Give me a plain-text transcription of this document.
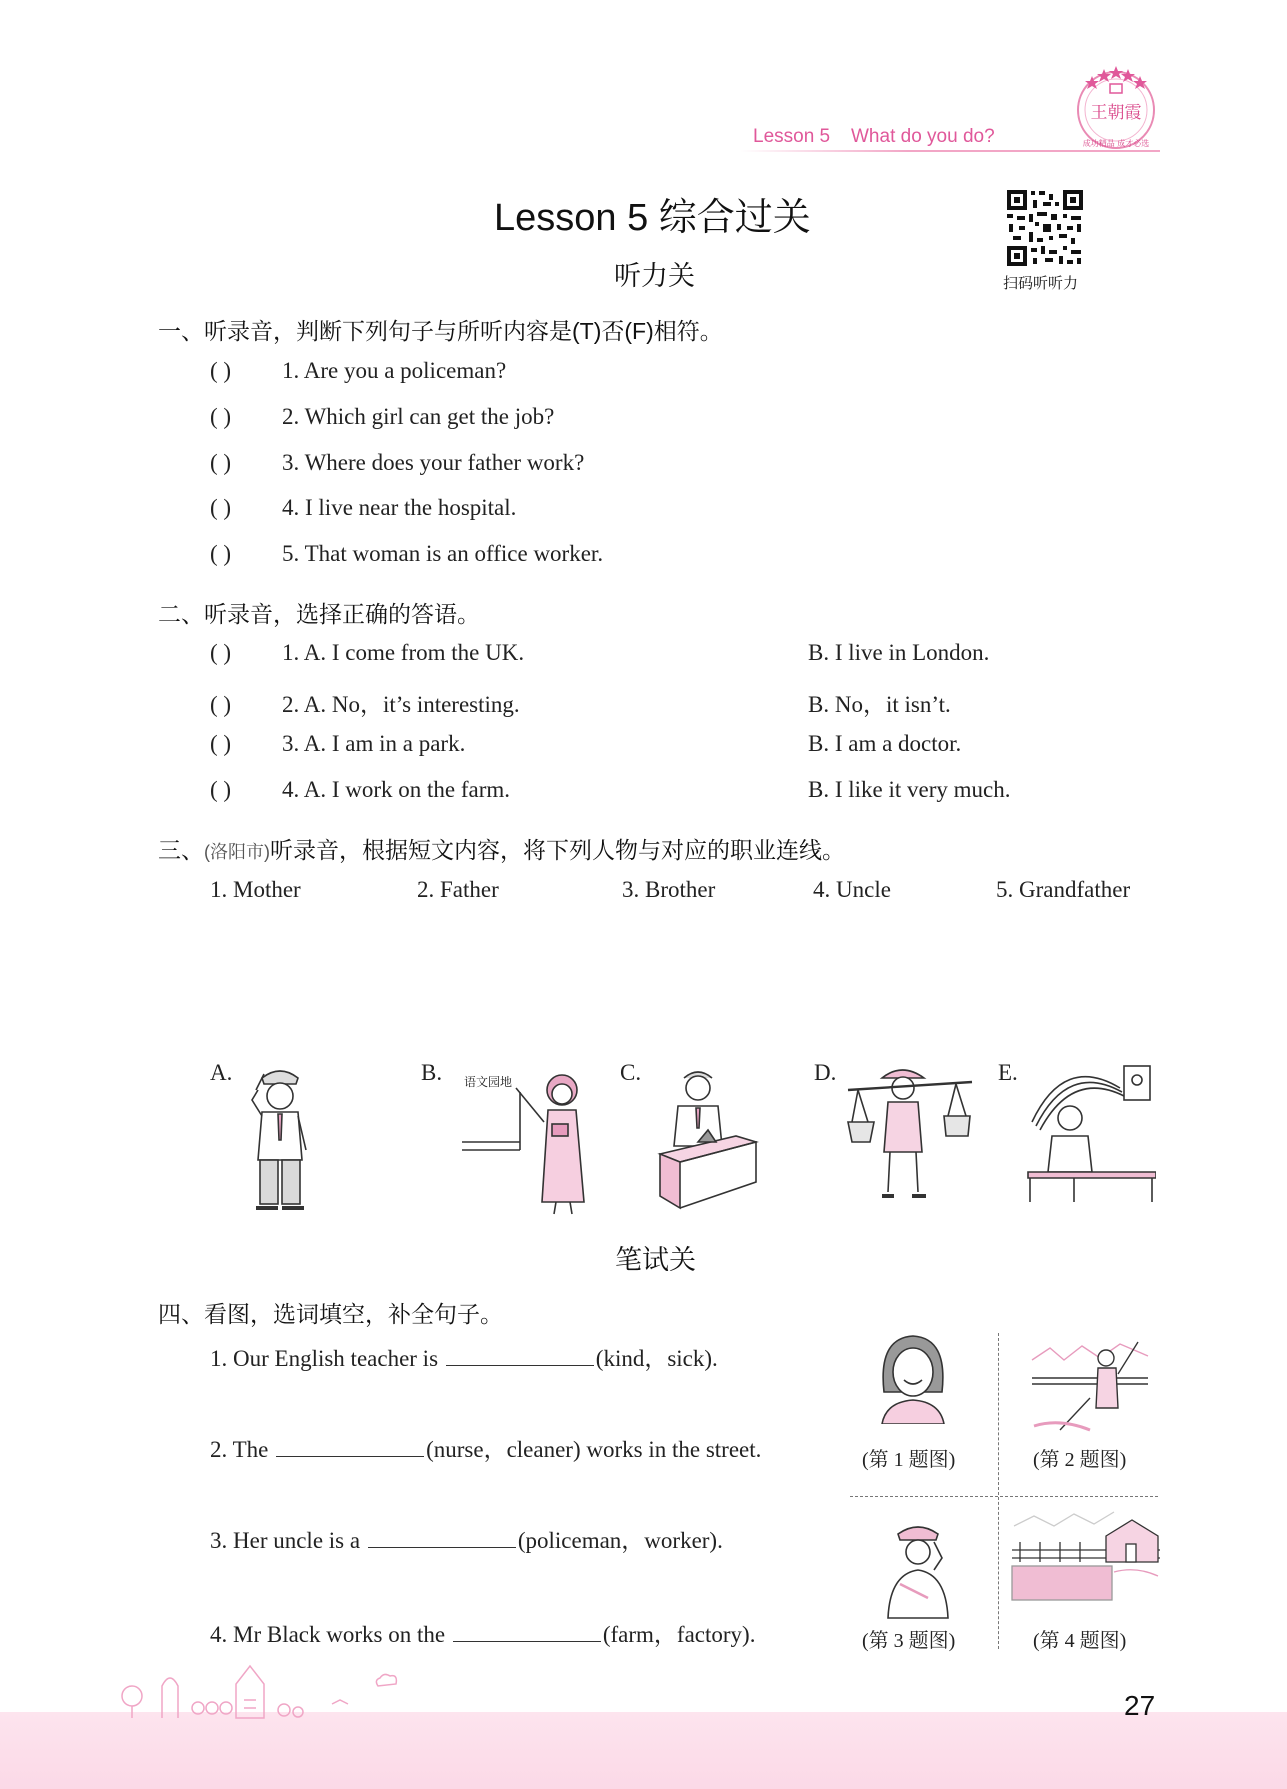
Lesson 5 What do you do?
王朝霞
成功精品 成才必选
Lesson 5 综合过关
扫码听听力
听力关
一、听录音，判断下列句子与所听内容是(T)否(F)相符。
( ) 1. Are you a policeman?
( ) 2. Which girl can get the job?
( ) 3. Where does your father work?
( ) 4. I live near the hospital.
( ) 5. That woman is an office worker.
二、听录音，选择正确的答语。
( ) 1. A. I come from the UK.	B. I live in London.
( ) 2. A. No，it’s interesting.	B. No，it isn’t.
( ) 3. A. I am in a park.	B. I am a doctor.
( ) 4. A. I work on the farm.	B. I like it very much.
三、(洛阳市)听录音，根据短文内容，将下列人物与对应的职业连线。
1. Mother	2. Father	3. Brother	4. Uncle	5. Grandfather
A.	B.	C.	D.	E.
语文园地
笔试关
四、看图，选词填空，补全句子。
1. Our English teacher is	(kind，sick).
2. The	(nurse，cleaner) works in the street.
3. Her uncle is a	(policeman，worker).
4. Mr Black works on the	(farm，factory).
(第 1 题图)	(第 2 题图)
(第 3 题图)	(第 4 题图)
27
